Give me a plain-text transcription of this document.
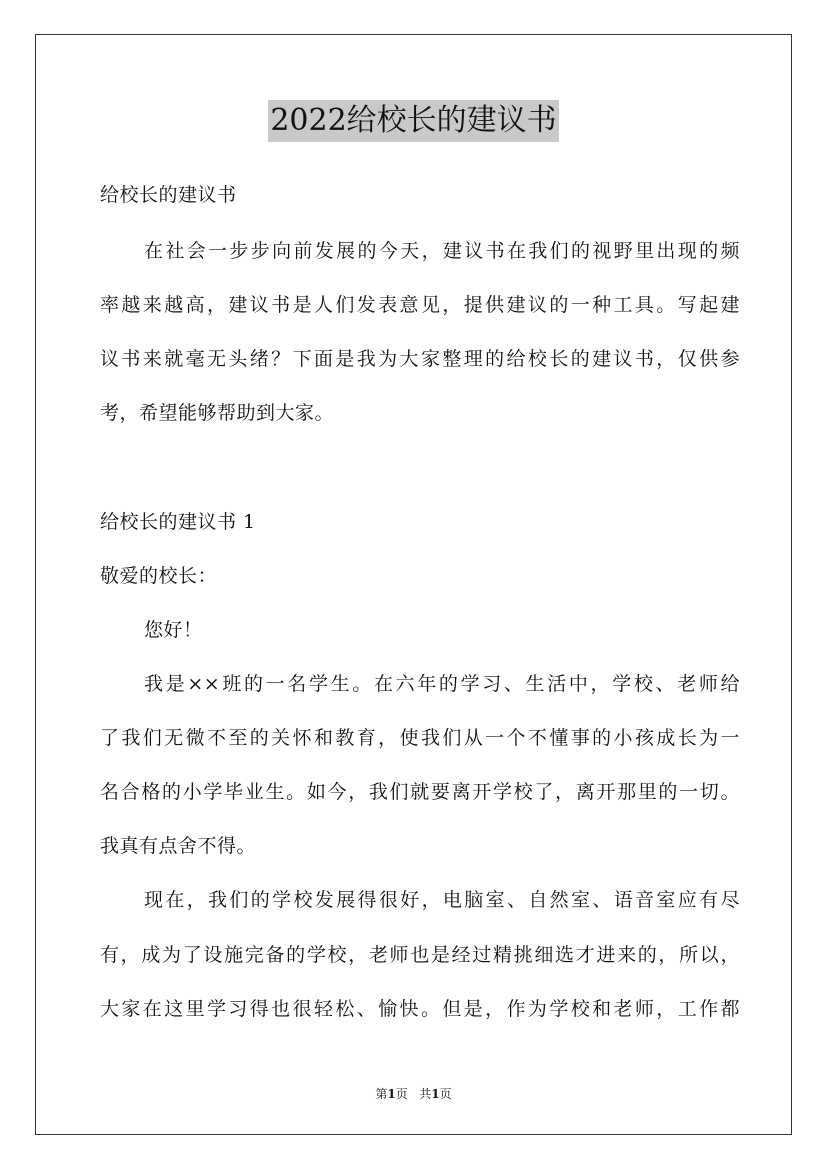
2022给校长的建议书
给校长的建议书
在社会一步步向前发展的今天，建议书在我们的视野里出现的频
率越来越高，建议书是人们发表意见，提供建议的一种工具。写起建
议书来就毫无头绪？下面是我为大家整理的给校长的建议书，仅供参
考，希望能够帮助到大家。
给校长的建议书 1
敬爱的校长：
您好！
我是××班的一名学生。在六年的学习、生活中，学校、老师给
了我们无微不至的关怀和教育，使我们从一个不懂事的小孩成长为一
名合格的小学毕业生。如今，我们就要离开学校了，离开那里的一切。
我真有点舍不得。
现在，我们的学校发展得很好，电脑室、自然室、语音室应有尽
有，成为了设施完备的学校，老师也是经过精挑细选才进来的，所以，
大家在这里学习得也很轻松、愉快。但是，作为学校和老师，工作都
第1页 共1页
